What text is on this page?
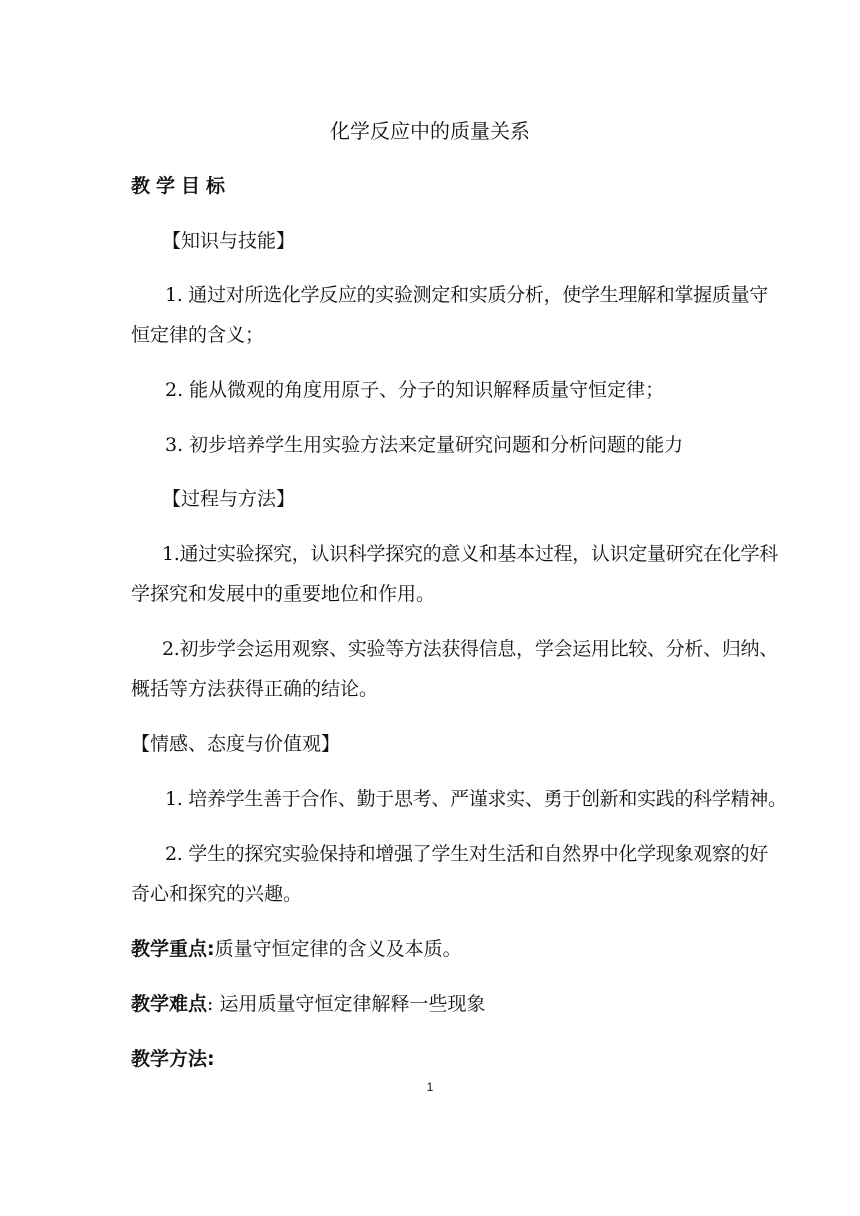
化学反应中的质量关系
教学目标
【知识与技能】
1. 通过对所选化学反应的实验测定和实质分析，使学生理解和掌握质量守
恒定律的含义；
2. 能从微观的角度用原子、分子的知识解释质量守恒定律；
3. 初步培养学生用实验方法来定量研究问题和分析问题的能力
【过程与方法】
1.通过实验探究，认识科学探究的意义和基本过程，认识定量研究在化学科
学探究和发展中的重要地位和作用。
2.初步学会运用观察、实验等方法获得信息，学会运用比较、分析、归纳、
概括等方法获得正确的结论。
【情感、态度与价值观】
1. 培养学生善于合作、勤于思考、严谨求实、勇于创新和实践的科学精神。
2. 学生的探究实验保持和增强了学生对生活和自然界中化学现象观察的好
奇心和探究的兴趣。
教学重点:质量守恒定律的含义及本质。
教学难点: 运用质量守恒定律解释一些现象
教学方法:
1
